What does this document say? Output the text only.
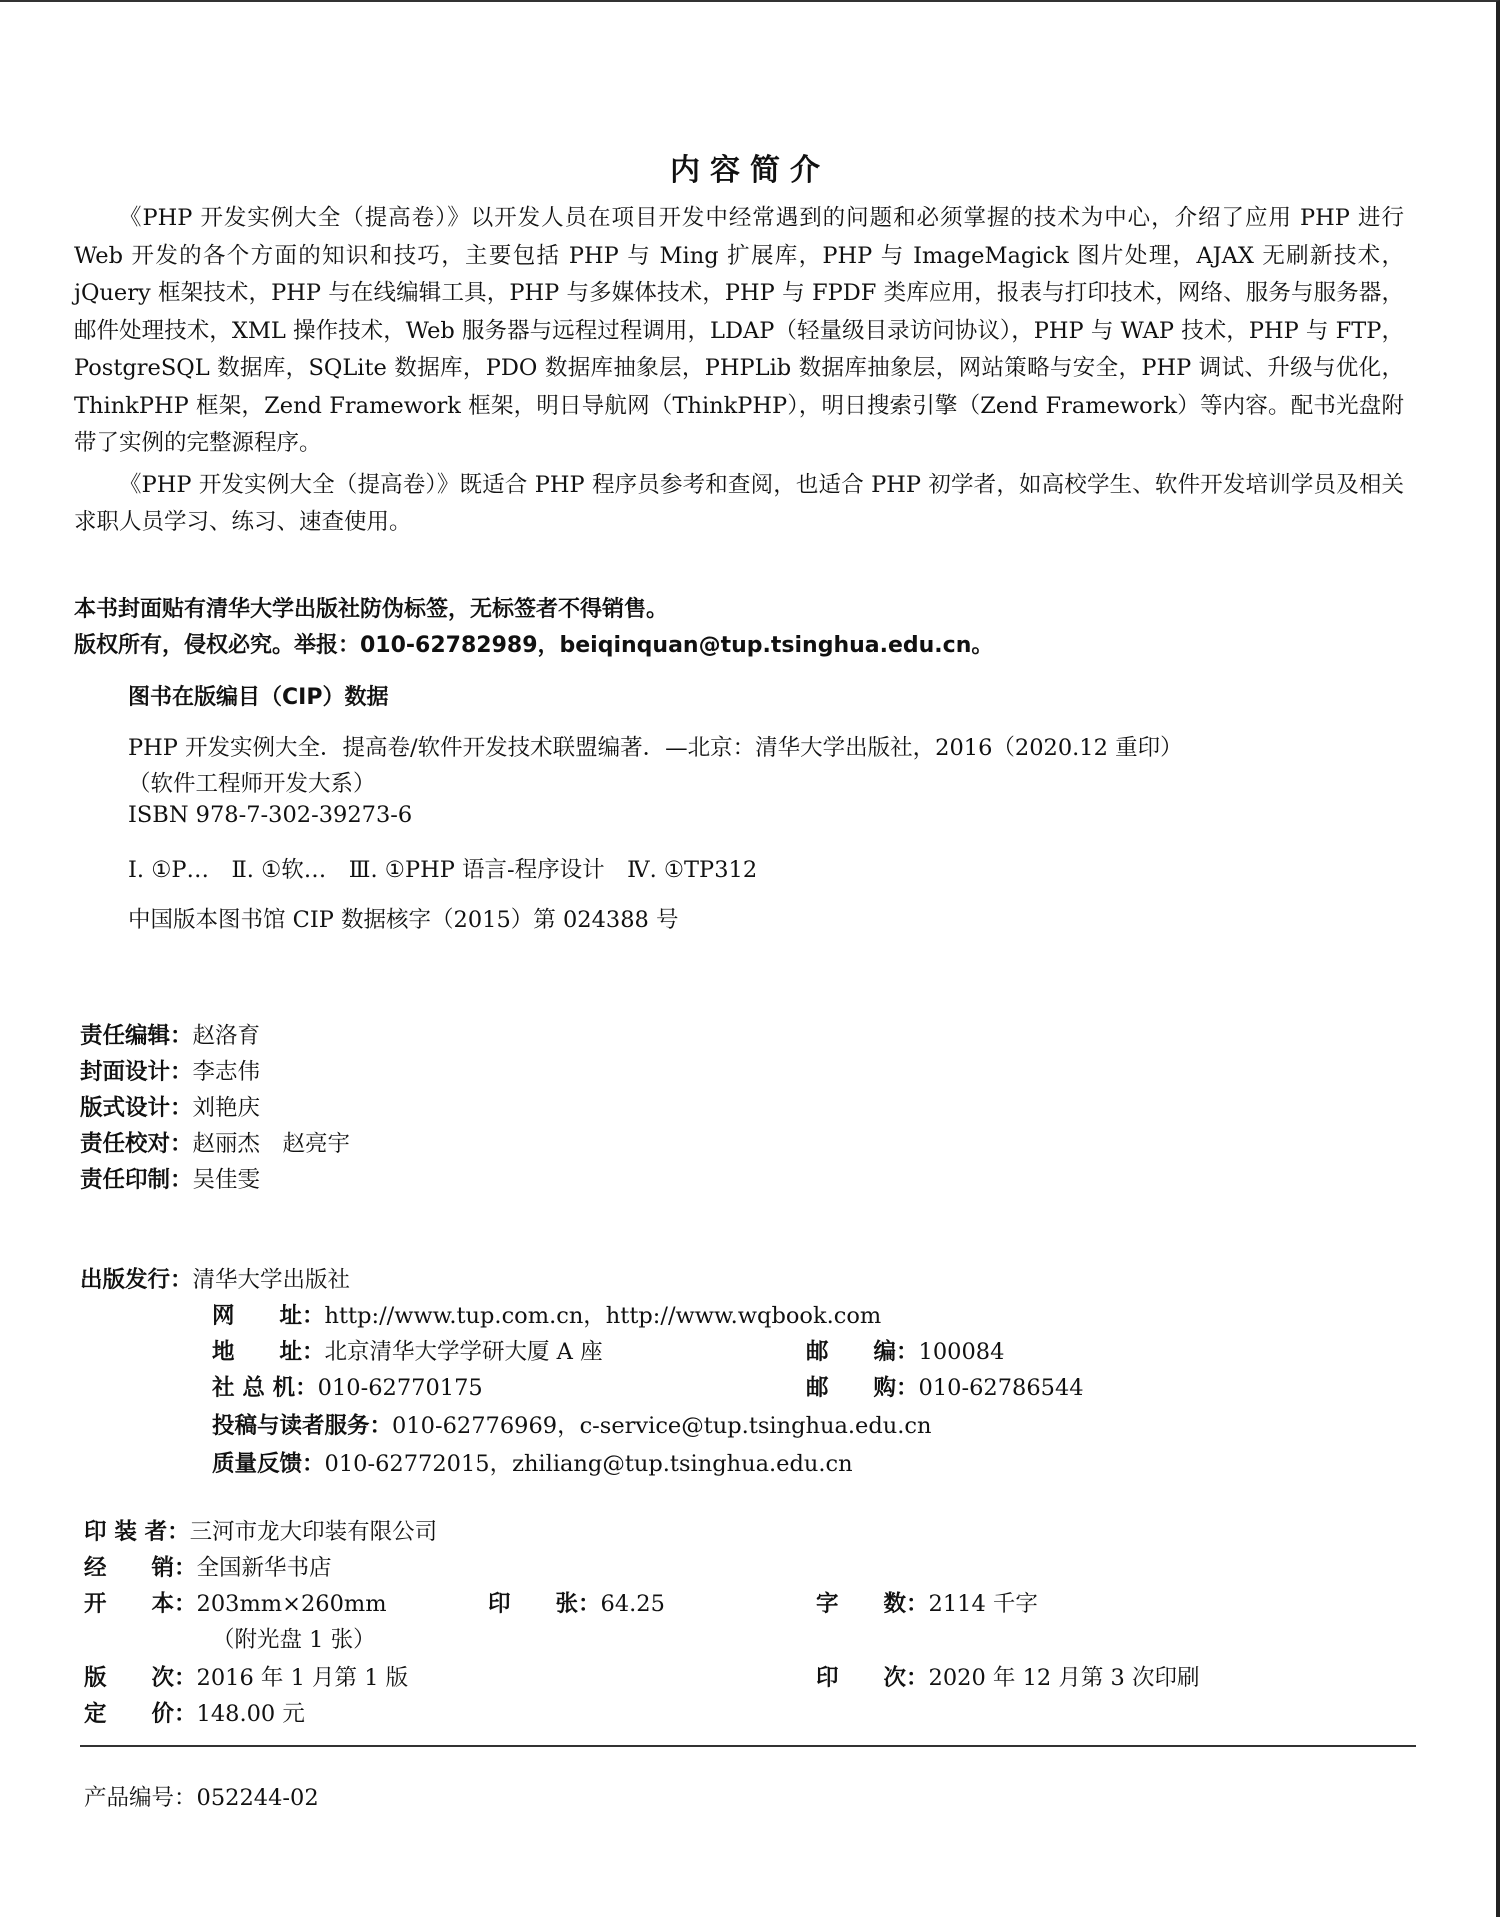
内容简介

《PHP 开发实例大全（提高卷）》以开发人员在项目开发中经常遇到的问题和必须掌握的技术为中心，介绍了应用 PHP 进行 Web 开发的各个方面的知识和技巧，主要包括 PHP 与 Ming 扩展库，PHP 与 ImageMagick 图片处理，AJAX 无刷新技术，jQuery 框架技术，PHP 与在线编辑工具，PHP 与多媒体技术，PHP 与 FPDF 类库应用，报表与打印技术，网络、服务与服务器，邮件处理技术，XML 操作技术，Web 服务器与远程过程调用，LDAP（轻量级目录访问协议），PHP 与 WAP 技术，PHP 与 FTP，PostgreSQL 数据库，SQLite 数据库，PDO 数据库抽象层，PHPLib 数据库抽象层，网站策略与安全，PHP 调试、升级与优化，ThinkPHP 框架，Zend Framework 框架，明日导航网（ThinkPHP），明日搜索引擎（Zend Framework）等内容。配书光盘附带了实例的完整源程序。

《PHP 开发实例大全（提高卷）》既适合 PHP 程序员参考和查阅，也适合 PHP 初学者，如高校学生、软件开发培训学员及相关求职人员学习、练习、速查使用。

本书封面贴有清华大学出版社防伪标签，无标签者不得销售。
版权所有，侵权必究。举报：010-62782989，beiqinquan@tup.tsinghua.edu.cn。
图书在版编目（CIP）数据
PHP 开发实例大全．提高卷/软件开发技术联盟编著．—北京：清华大学出版社，2016（2020.12 重印）
（软件工程师开发大系）
ISBN 978-7-302-39273-6
Ⅰ. ①P…　Ⅱ. ①软…　Ⅲ. ①PHP 语言-程序设计　Ⅳ. ①TP312
中国版本图书馆 CIP 数据核字（2015）第 024388 号
责任编辑：赵洛育
封面设计：李志伟
版式设计：刘艳庆
责任校对：赵丽杰　赵亮宇
责任印制：吴佳雯
出版发行：清华大学出版社
网　　址：http://www.tup.com.cn，http://www.wqbook.com
地　　址：北京清华大学学研大厦 A 座	邮　　编：100084
社 总 机：010-62770175	邮　　购：010-62786544
投稿与读者服务：010-62776969，c-service@tup.tsinghua.edu.cn
质量反馈：010-62772015，zhiliang@tup.tsinghua.edu.cn
印 装 者：三河市龙大印装有限公司
经　　销：全国新华书店
开　　本：203mm×260mm	印　　张：64.25	字　　数：2114 千字
（附光盘 1 张）
版　　次：2016 年 1 月第 1 版	印　　次：2020 年 12 月第 3 次印刷
定　　价：148.00 元
产品编号：052244-02
